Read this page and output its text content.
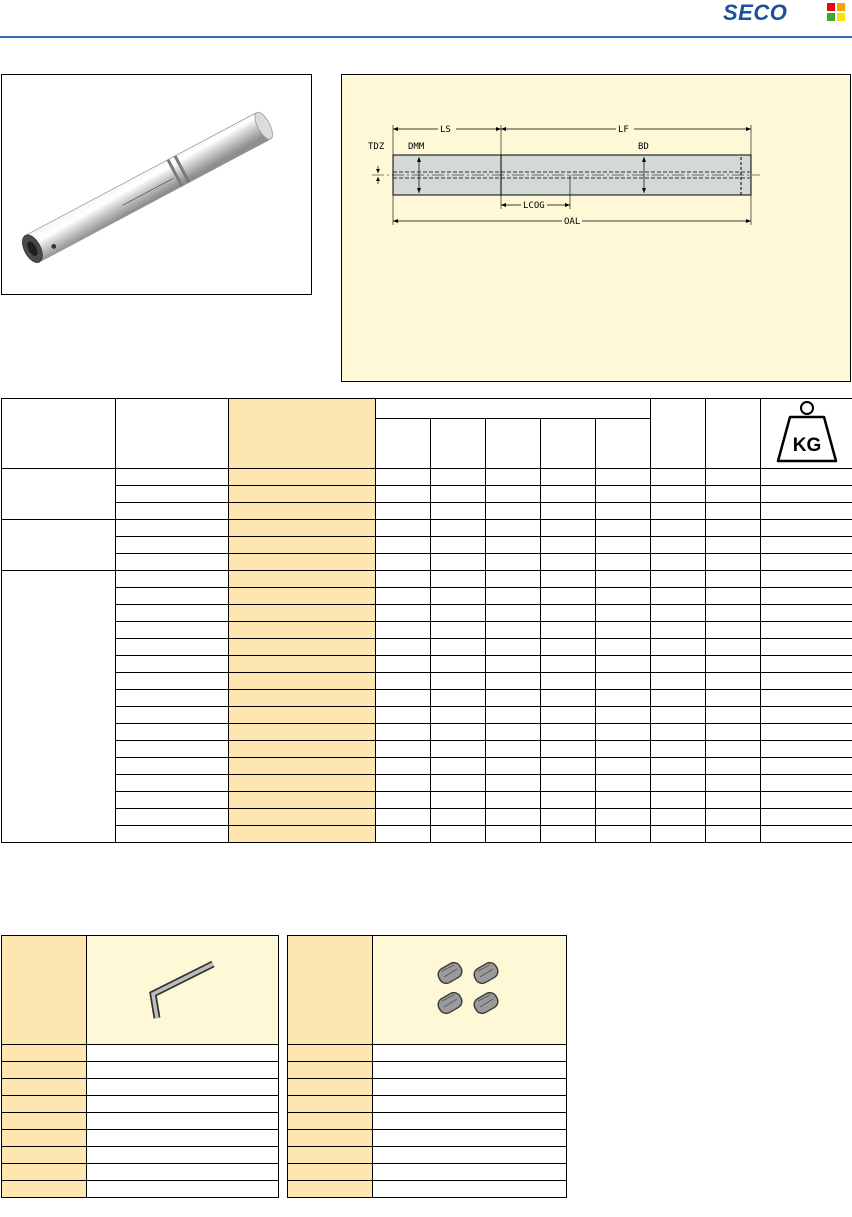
SECO
TDZ	DMM	BD
LS	LF
LCOG
OAL

KG
